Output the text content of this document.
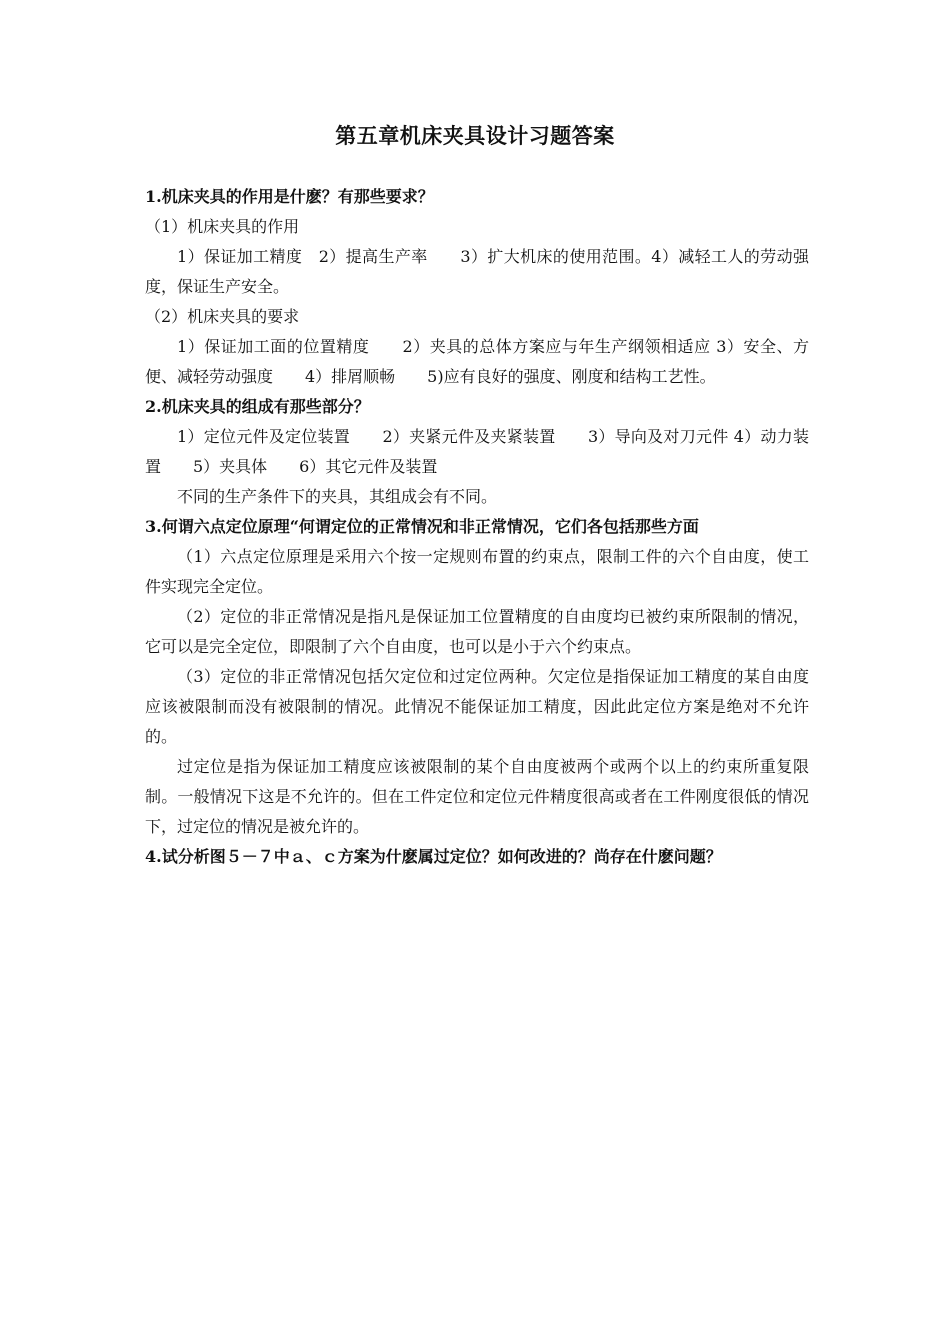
第五章机床夹具设计习题答案
1.机床夹具的作用是什麽？有那些要求？
（1）机床夹具的作用
1）保证加工精度　2）提高生产率　　3）扩大机床的使用范围。4）减轻工人的劳动强度，保证生产安全。
（2）机床夹具的要求
1）保证加工面的位置精度　　2）夹具的总体方案应与年生产纲领相适应 3）安全、方便、减轻劳动强度　　4）排屑顺畅　　5)应有良好的强度、刚度和结构工艺性。
2.机床夹具的组成有那些部分？
1）定位元件及定位装置　　2）夹紧元件及夹紧装置　　3）导向及对刀元件 4）动力装置　　5）夹具体　　6）其它元件及装置
不同的生产条件下的夹具，其组成会有不同。
3.何谓六点定位原理“何谓定位的正常情况和非正常情况，它们各包括那些方面
（1）六点定位原理是采用六个按一定规则布置的约束点，限制工件的六个自由度，使工件实现完全定位。
（2）定位的非正常情况是指凡是保证加工位置精度的自由度均已被约束所限制的情况，它可以是完全定位，即限制了六个自由度，也可以是小于六个约束点。
（3）定位的非正常情况包括欠定位和过定位两种。欠定位是指保证加工精度的某自由度应该被限制而没有被限制的情况。此情况不能保证加工精度，因此此定位方案是绝对不允许的。
过定位是指为保证加工精度应该被限制的某个自由度被两个或两个以上的约束所重复限制。一般情况下这是不允许的。但在工件定位和定位元件精度很高或者在工件刚度很低的情况下，过定位的情况是被允许的。
4.试分析图５－７中ａ、ｃ方案为什麽属过定位？如何改进的？尚存在什麽问题？
